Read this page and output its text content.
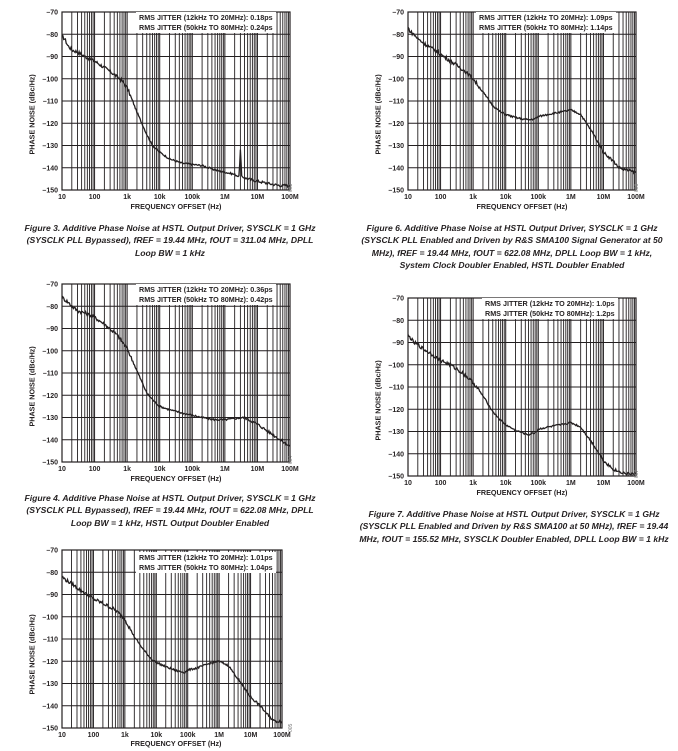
–70
–80
–90
–100
–110
–120
–130
–140
–150
10	100	1k	10k	100k	1M	10M 100M
PHASE NOISE (dBc/Hz)
FREQUENCY OFFSET (Hz)
RMS JITTER (12kHz TO 20MHz): 0.18ps
RMS JITTER (50kHz TO 80MHz): 0.24ps
003
–70
–80
–90
–100
–110
–120
–130
–140
–150
10	100	1k	10k	100k	1M	10M 100M
PHASE NOISE (dBc/Hz)
FREQUENCY OFFSET (Hz)
RMS JITTER (12kHz TO 20MHz): 0.36ps
RMS JITTER (50kHz TO 80MHz): 0.42ps
004
–70
–80
–90
–100
–110
–120
–130
–140
–150
10	100	1k	10k	100k	1M	10M 100M
PHASE NOISE (dBc/Hz)
FREQUENCY OFFSET (Hz)
RMS JITTER (12kHz TO 20MHz): 1.01ps
RMS JITTER (50kHz TO 80MHz): 1.04ps
005
–70
–80
–90
–100
–110
–120
–130
–140
–150
10	100	1k	10k	100k	1M	10M 100M
PHASE NOISE (dBc/Hz)
FREQUENCY OFFSET (Hz)
RMS JITTER (12kHz TO 20MHz): 1.09ps
RMS JITTER (50kHz TO 80MHz): 1.14ps
006
–70
–80
–90
–100
–110
–120
–130
–140
–150
10	100	1k	10k	100k	1M	10M 100M
PHASE NOISE (dBc/Hz)
FREQUENCY OFFSET (Hz)
RMS JITTER (12kHz TO 20MHz): 1.0ps
RMS JITTER (50kHz TO 80MHz): 1.2ps
007
Figure 3. Additive Phase Noise at HSTL Output Driver, SYSCLK = 1 GHz (SYSCLK PLL Bypassed), fREF = 19.44 MHz, fOUT = 311.04 MHz, DPLL Loop BW = 1 kHz
Figure 4. Additive Phase Noise at HSTL Output Driver, SYSCLK = 1 GHz (SYSCLK PLL Bypassed), fREF = 19.44 MHz, fOUT = 622.08 MHz, DPLL Loop BW = 1 kHz, HSTL Output Doubler Enabled
Figure 6. Additive Phase Noise at HSTL Output Driver, SYSCLK = 1 GHz (SYSCLK PLL Enabled and Driven by R&S SMA100 Signal Generator at 50 MHz), fREF = 19.44 MHz, fOUT = 622.08 MHz, DPLL Loop BW = 1 kHz, System Clock Doubler Enabled, HSTL Doubler Enabled
Figure 7. Additive Phase Noise at HSTL Output Driver, SYSCLK = 1 GHz (SYSCLK PLL Enabled and Driven by R&S SMA100 at 50 MHz), fREF = 19.44 MHz, fOUT = 155.52 MHz, SYSCLK Doubler Enabled, DPLL Loop BW = 1 kHz
